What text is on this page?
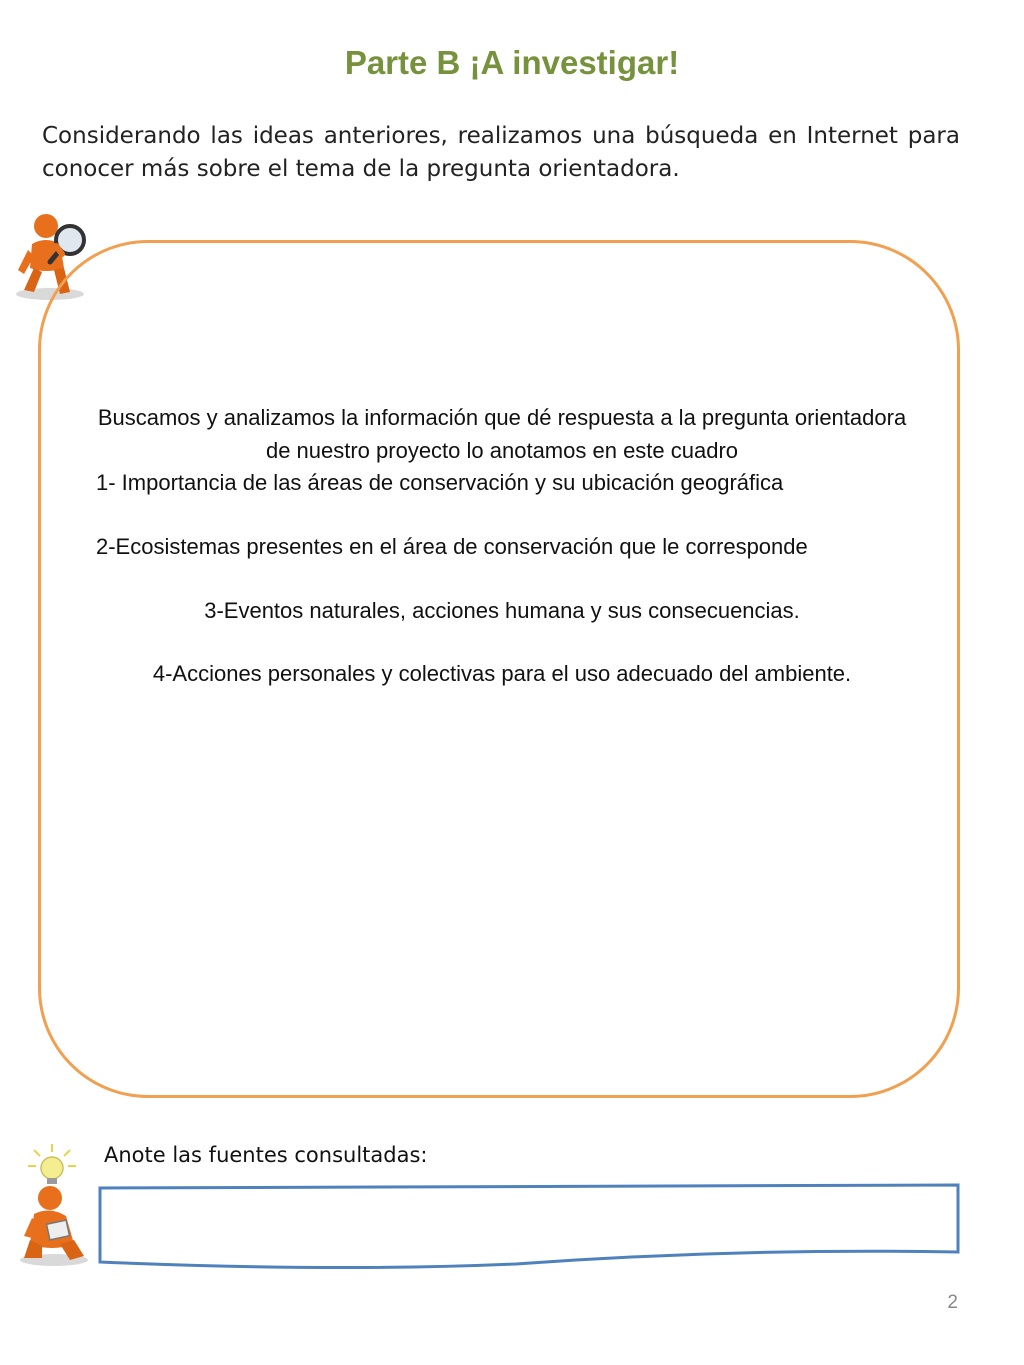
Parte B ¡A investigar!

Considerando las ideas anteriores, realizamos una búsqueda en Internet para conocer más sobre el tema de la pregunta orientadora.

Buscamos y analizamos la información que dé respuesta a la pregunta orientadora
de nuestro proyecto lo anotamos en este cuadro
1- Importancia de las áreas de conservación y su ubicación geográfica
2-Ecosistemas presentes en el área de conservación que le corresponde
3-Eventos naturales, acciones humana y sus consecuencias.
4-Acciones personales y colectivas para el uso adecuado del ambiente.

Anote las fuentes consultadas:

2
